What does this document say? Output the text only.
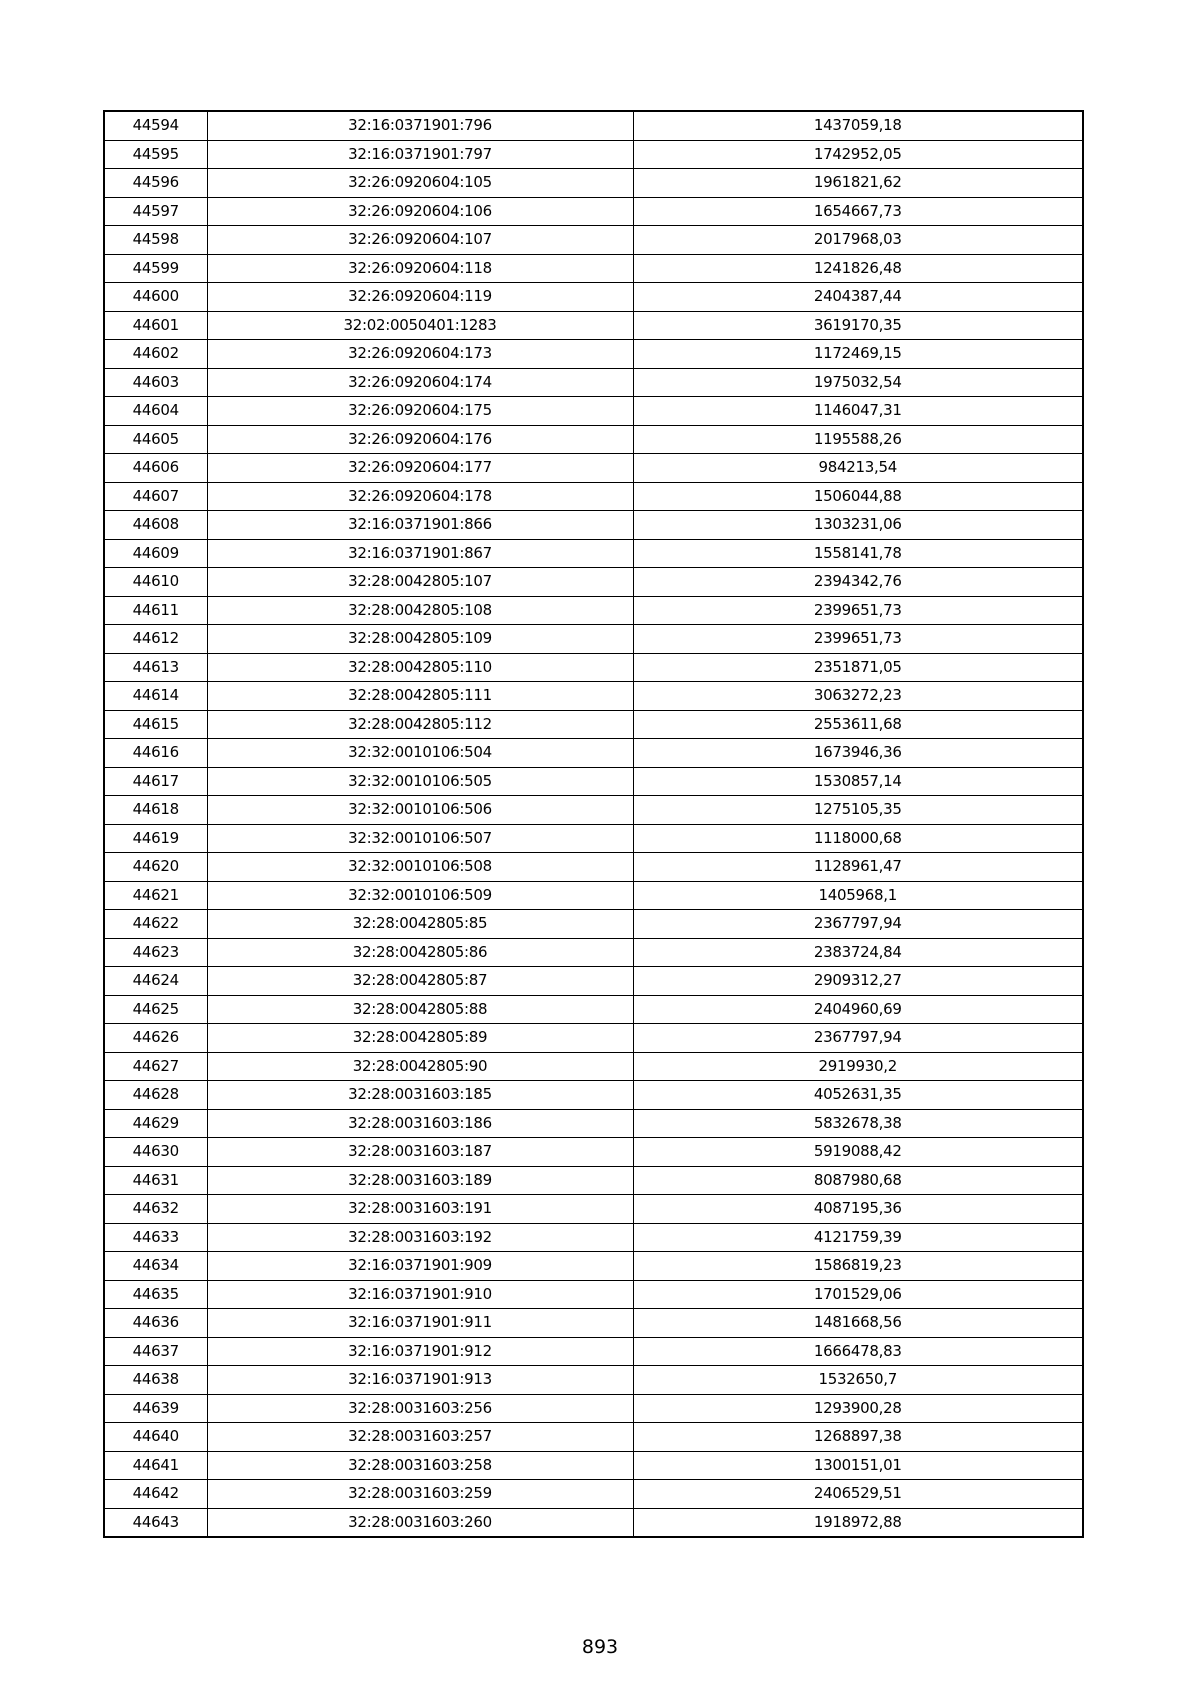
44594	32:16:0371901:796	1437059,18
44595	32:16:0371901:797	1742952,05
44596	32:26:0920604:105	1961821,62
44597	32:26:0920604:106	1654667,73
44598	32:26:0920604:107	2017968,03
44599	32:26:0920604:118	1241826,48
44600	32:26:0920604:119	2404387,44
44601	32:02:0050401:1283	3619170,35
44602	32:26:0920604:173	1172469,15
44603	32:26:0920604:174	1975032,54
44604	32:26:0920604:175	1146047,31
44605	32:26:0920604:176	1195588,26
44606	32:26:0920604:177	984213,54
44607	32:26:0920604:178	1506044,88
44608	32:16:0371901:866	1303231,06
44609	32:16:0371901:867	1558141,78
44610	32:28:0042805:107	2394342,76
44611	32:28:0042805:108	2399651,73
44612	32:28:0042805:109	2399651,73
44613	32:28:0042805:110	2351871,05
44614	32:28:0042805:111	3063272,23
44615	32:28:0042805:112	2553611,68
44616	32:32:0010106:504	1673946,36
44617	32:32:0010106:505	1530857,14
44618	32:32:0010106:506	1275105,35
44619	32:32:0010106:507	1118000,68
44620	32:32:0010106:508	1128961,47
44621	32:32:0010106:509	1405968,1
44622	32:28:0042805:85	2367797,94
44623	32:28:0042805:86	2383724,84
44624	32:28:0042805:87	2909312,27
44625	32:28:0042805:88	2404960,69
44626	32:28:0042805:89	2367797,94
44627	32:28:0042805:90	2919930,2
44628	32:28:0031603:185	4052631,35
44629	32:28:0031603:186	5832678,38
44630	32:28:0031603:187	5919088,42
44631	32:28:0031603:189	8087980,68
44632	32:28:0031603:191	4087195,36
44633	32:28:0031603:192	4121759,39
44634	32:16:0371901:909	1586819,23
44635	32:16:0371901:910	1701529,06
44636	32:16:0371901:911	1481668,56
44637	32:16:0371901:912	1666478,83
44638	32:16:0371901:913	1532650,7
44639	32:28:0031603:256	1293900,28
44640	32:28:0031603:257	1268897,38
44641	32:28:0031603:258	1300151,01
44642	32:28:0031603:259	2406529,51
44643	32:28:0031603:260	1918972,88
893
